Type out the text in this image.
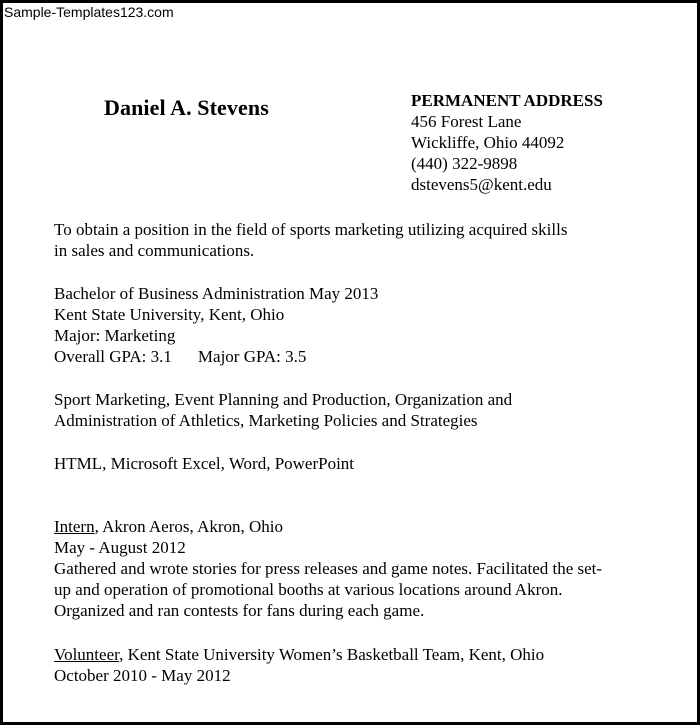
Sample-Templates123.com
Daniel A. Stevens	PERMANENT ADDRESS
456 Forest Lane
Wickliffe, Ohio 44092
(440) 322-9898
dstevens5@kent.edu
To obtain a position in the field of sports marketing utilizing acquired skills
in sales and communications.
Bachelor of Business Administration May 2013
Kent State University, Kent, Ohio
Major: Marketing
Overall GPA: 3.1 Major GPA: 3.5
Sport Marketing, Event Planning and Production, Organization and
Administration of Athletics, Marketing Policies and Strategies
HTML, Microsoft Excel, Word, PowerPoint
Intern, Akron Aeros, Akron, Ohio
May - August 2012
Gathered and wrote stories for press releases and game notes. Facilitated the set-
up and operation of promotional booths at various locations around Akron.
Organized and ran contests for fans during each game.
Volunteer, Kent State University Women’s Basketball Team, Kent, Ohio
October 2010 - May 2012
